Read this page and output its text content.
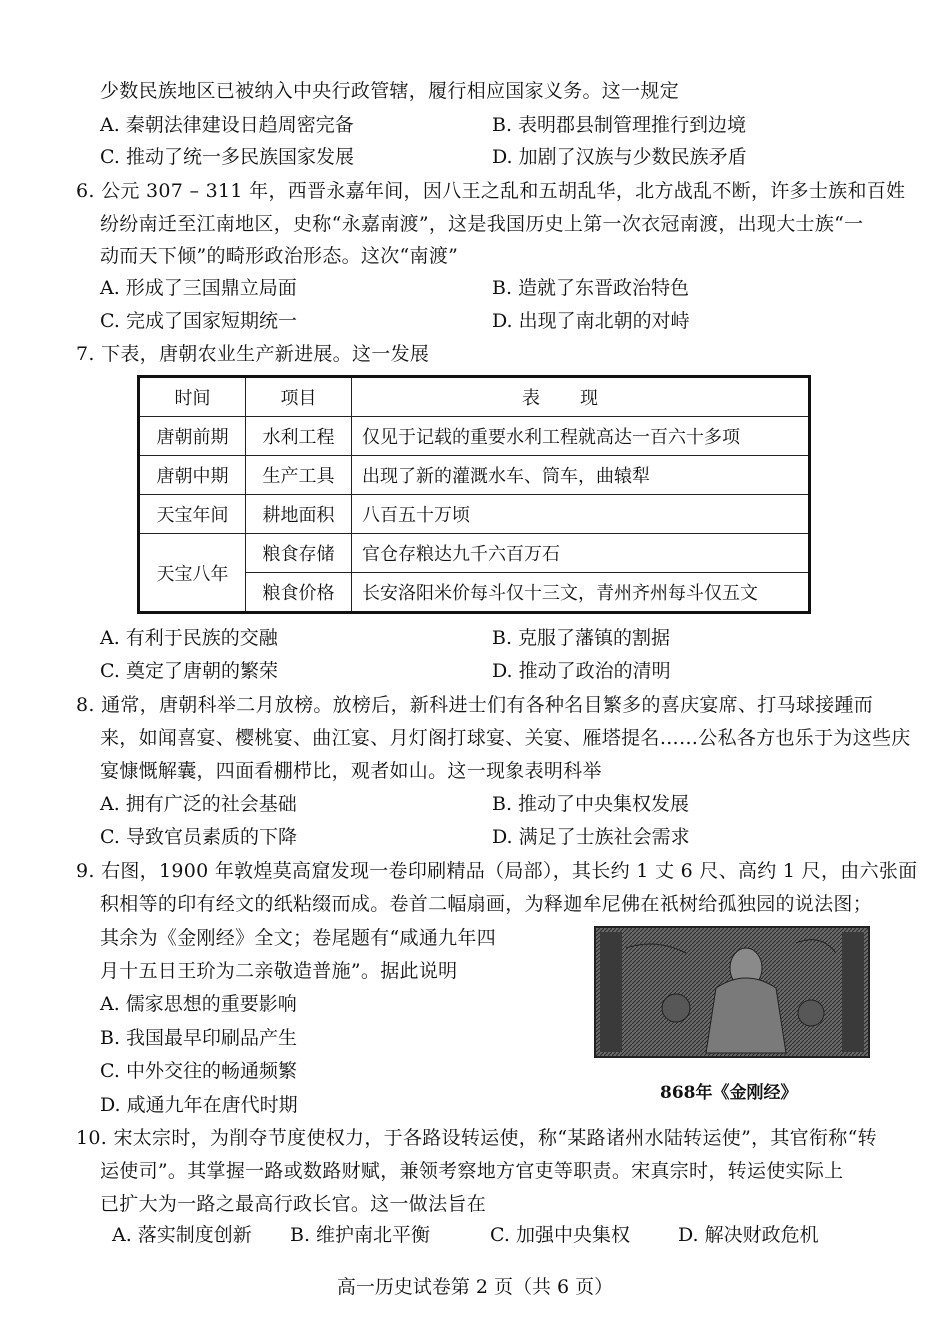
少数民族地区已被纳入中央行政管辖，履行相应国家义务。这一规定
A. 秦朝法律建设日趋周密完备	B. 表明郡县制管理推行到边境
C. 推动了统一多民族国家发展	D. 加剧了汉族与少数民族矛盾
6. 公元 307 – 311 年，西晋永嘉年间，因八王之乱和五胡乱华，北方战乱不断，许多士族和百姓
纷纷南迁至江南地区，史称“永嘉南渡”，这是我国历史上第一次衣冠南渡，出现大士族“一
动而天下倾”的畸形政治形态。这次“南渡”
A. 形成了三国鼎立局面	B. 造就了东晋政治特色
C. 完成了国家短期统一	D. 出现了南北朝的对峙
7. 下表，唐朝农业生产新进展。这一发展
时间	项目	表现
唐朝前期	水利工程	仅见于记载的重要水利工程就高达一百六十多项
唐朝中期	生产工具	出现了新的灌溉水车、筒车，曲辕犁
天宝年间	耕地面积	八百五十万顷
天宝八年	粮食存储	官仓存粮达九千六百万石
	粮食价格	长安洛阳米价每斗仅十三文，青州齐州每斗仅五文
A. 有利于民族的交融	B. 克服了藩镇的割据
C. 奠定了唐朝的繁荣	D. 推动了政治的清明
8. 通常，唐朝科举二月放榜。放榜后，新科进士们有各种名目繁多的喜庆宴席、打马球接踵而
来，如闻喜宴、樱桃宴、曲江宴、月灯阁打球宴、关宴、雁塔提名……公私各方也乐于为这些庆
宴慷慨解囊，四面看棚栉比，观者如山。这一现象表明科举
A. 拥有广泛的社会基础	B. 推动了中央集权发展
C. 导致官员素质的下降	D. 满足了士族社会需求
9. 右图，1900 年敦煌莫高窟发现一卷印刷精品（局部），其长约 1 丈 6 尺、高约 1 尺，由六张面
积相等的印有经文的纸粘缀而成。卷首二幅扇画，为释迦牟尼佛在祇树给孤独园的说法图；
其余为《金刚经》全文；卷尾题有“咸通九年四
月十五日王玠为二亲敬造普施”。据此说明
A. 儒家思想的重要影响
B. 我国最早印刷品产生
C. 中外交往的畅通频繁
D. 咸通九年在唐代时期
868年《金刚经》
10. 宋太宗时，为削夺节度使权力，于各路设转运使，称“某路诸州水陆转运使”，其官衔称“转
运使司”。其掌握一路或数路财赋，兼领考察地方官吏等职责。宋真宗时，转运使实际上
已扩大为一路之最高行政长官。这一做法旨在
A. 落实制度创新 B. 维护南北平衡	C. 加强中央集权	D. 解决财政危机
高一历史试卷第 2 页（共 6 页）
